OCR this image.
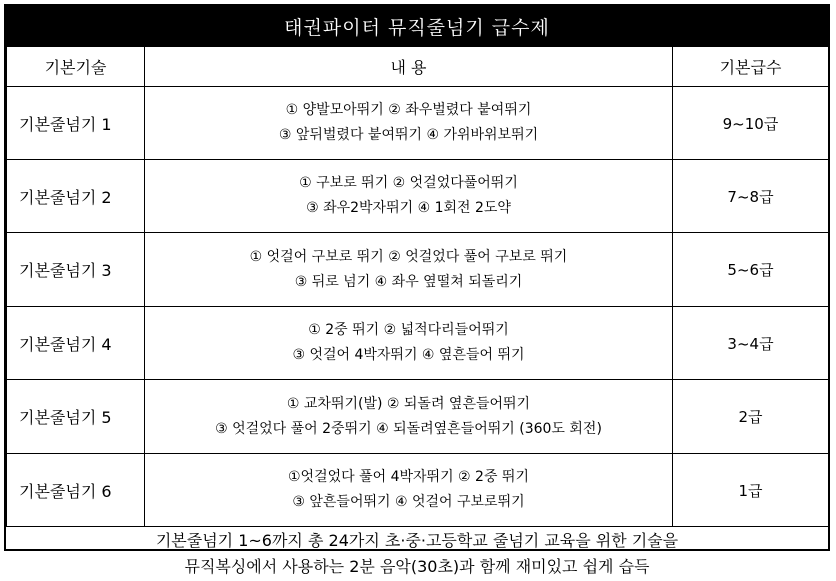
태권파이터 뮤직줄넘기 급수제
기본기술	내 용	기본급수
기본줄넘기 1	① 양발모아뛰기 ② 좌우벌렸다 붙여뛰기
③ 앞뒤벌렸다 붙여뛰기 ④ 가위바위보뛰기	9~10급
기본줄넘기 2	① 구보로 뛰기 ② 엇걸었다풀어뛰기
③ 좌우2박자뛰기 ④ 1회전 2도약	7~8급
기본줄넘기 3	① 엇걸어 구보로 뛰기 ② 엇걸었다 풀어 구보로 뛰기
③ 뒤로 넘기 ④ 좌우 옆떨쳐 되돌리기	5~6급
기본줄넘기 4	① 2중 뛰기 ② 넓적다리들어뛰기
③ 엇걸어 4박자뛰기 ④ 옆흔들어 뛰기	3~4급
기본줄넘기 5	① 교차뛰기(발) ② 되돌려 옆흔들어뛰기
③ 엇걸었다 풀어 2중뛰기 ④ 되돌려옆흔들어뛰기 (360도 회전)	2급
기본줄넘기 6	①엇걸었다 풀어 4박자뛰기 ② 2중 뛰기
③ 앞흔들어뛰기 ④ 엇걸어 구보로뛰기	1급
기본줄넘기 1~6까지 총 24가지 초·중·고등학교 줄넘기 교육을 위한 기술을
뮤직복싱에서 사용하는 2분 음악(30초)과 함께 재미있고 쉽게 습득
